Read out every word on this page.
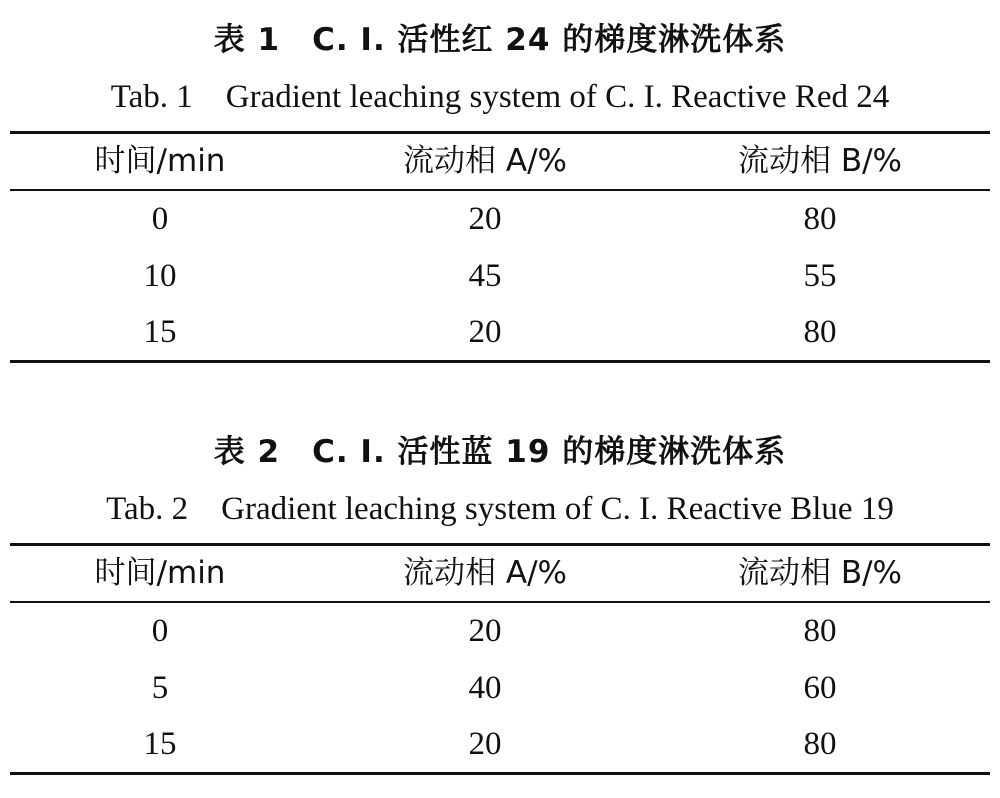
表 1　C. I. 活性红 24 的梯度淋洗体系
Tab. 1　Gradient leaching system of C. I. Reactive Red 24
时间/min	流动相 A/%	流动相 B/%
0	20	80
10	45	55
15	20	80
表 2　C. I. 活性蓝 19 的梯度淋洗体系
Tab. 2　Gradient leaching system of C. I. Reactive Blue 19
时间/min	流动相 A/%	流动相 B/%
0	20	80
5	40	60
15	20	80
